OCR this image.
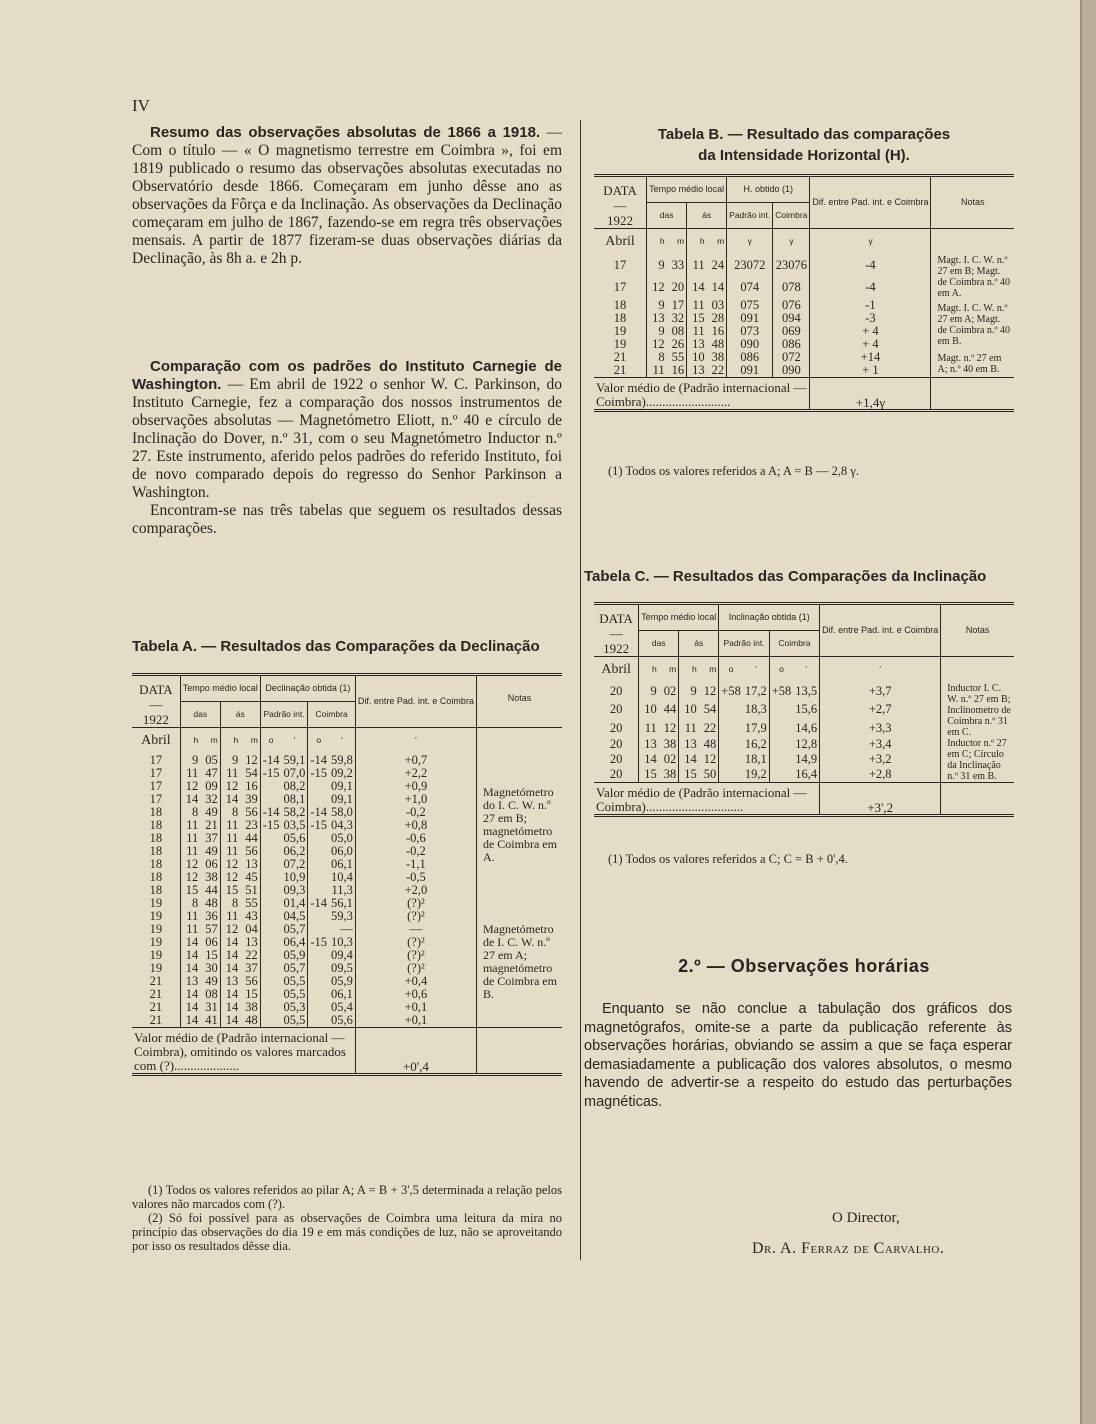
IV
Resumo das observações absolutas de 1866 a 1918. — Com o título — « O magnetismo terrestre em Coimbra », foi em 1819 publicado o resumo das observações absolutas executadas no Observatório desde 1866. Começaram em junho dêsse ano as observações da Fôrça e da Inclinação. As observações da Declinação começaram em julho de 1867, fazendo-se em regra três observações mensais. A partir de 1877 fizeram-se duas observações diárias da Declinação, às 8h a. e 2h p.
Comparação com os padrões do Instituto Carnegie de Washington. — Em abril de 1922 o senhor W. C. Parkinson, do Instituto Carnegie, fez a comparação dos nossos instrumentos de observações absolutas — Magnetómetro Eliott, n.º 40 e círculo de Inclinação do Dover, n.º 31, com o seu Magnetómetro Inductor n.º 27. Este instrumento, aferido pelos padrões do referido Instituto, foi de novo comparado depois do regresso do Senhor Parkinson a Washington.
Encontram-se nas três tabelas que seguem os resultados dessas comparações.
Tabela A. — Resultados das Comparações da Declinação
DATA
—
1922	Tempo médio local				Declinação obtida (1)				Dif. entre Pad. int. e Coimbra	Notas
	das		ás		Padrão int.		Coimbra			
Abril	h	m	h	m	o	'	o	'	'	
17	9	05	9	12	-14	59,1	-14	59,8	+0,7	Magnetómetro do I. C. W. n.º 27 em B; magnetómetro de Coimbra em A.
17	11	47	11	54	-15	07,0	-15	09,2	+2,2	
17	12	09	12	16		08,2		09,1	+0,9	
17	14	32	14	39		08,1		09,1	+1,0	
18	8	49	8	56	-14	58,2	-14	58,0	-0,2	
18	11	21	11	23	-15	03,5	-15	04,3	+0,8	
18	11	37	11	44		05,6		05,0	-0,6	
18	11	49	11	56		06,2		06,0	-0,2	
18	12	06	12	13		07,2		06,1	-1,1	
18	12	38	12	45		10,9		10,4	-0,5	
18	15	44	15	51		09,3		11,3	+2,0	
19	8	48	8	55		01,4	-14	56,1	(?)²	Magnetómetro de I. C. W. n.º 27 em A; magnetómetro de Coimbra em B.
19	11	36	11	43		04,5		59,3	(?)²	
19	11	57	12	04		05,7		—	—	
19	14	06	14	13		06,4	-15	10,3	(?)²	
19	14	15	14	22		05,9		09,4	(?)²	
19	14	30	14	37		05,7		09,5	(?)²	
21	13	49	13	56		05,5		05,9	+0,4	
21	14	08	14	15		05,5		06,1	+0,6	
21	14	31	14	38		05,3		05,4	+0,1	
21	14	41	14	48		05,5		05,6	+0,1	
Valor médio de (Padrão internacional — Coimbra), omitindo os valores marcados com (?)....................									+0',4	

(1) Todos os valores referidos ao pilar A; A = B + 3',5 determinada a relação pelos valores não marcados com (?).
(2) Só foi possível para as observações de Coimbra uma leitura da mira no princípio das observações do dia 19 e em más condições de luz, não se aproveitando por isso os resultados dêsse dia.
Tabela B. — Resultado das comparações
da Intensidade Horizontal (H).
DATA
—
1922	Tempo médio local				H. obtido (1)		Dif. entre Pad. int. e Coimbra	Notas
	das		ás		Padrão int.	Coimbra		
Abril	h	m	h	m	γ	γ	γ	
17	9	33	11	24	23072	23076	-4	Magt. I. C. W. n.º 27 em B; Magt. de Coimbra n.º 40 em A.
17	12	20	14	14	074	078	-4	
18	9	17	11	03	075	076	-1	Magt. I. C. W. n.º 27 em A; Magt. de Coimbra n.º 40 em B.
18	13	32	15	28	091	094	-3	
19	9	08	11	16	073	069	+ 4	
19	12	26	13	48	090	086	+ 4	
21	8	55	10	38	086	072	+14	Magt. n.º 27 em A; n.º 40 em B.
21	11	16	13	22	091	090	+ 1	
Valor médio de (Padrão internacional — Coimbra)..........................							+1,4γ	

(1) Todos os valores referidos a A; A = B — 2,8 γ.
Tabela C. — Resultados das Comparações da Inclinação
DATA
—
1922	Tempo médio local				Inclinação obtida (1)				Dif. entre Pad. int. e Coimbra	Notas
	das		ás		Padrão int.		Coimbra			
Abril	h	m	h	m	o	'	o	'	'	
20	9	02	9	12	+58	17,2	+58	13,5	+3,7	Inductor I. C. W. n.º 27 em B; Inclinometro de Coimbra n.º 31 em C.
20	10	44	10	54		18,3		15,6	+2,7	
20	11	12	11	22		17,9		14,6	+3,3	
20	13	38	13	48		16,2		12,8	+3,4	Inductor n.º 27 em C; Círculo da Inclinação n.º 31 em B.
20	14	02	14	12		18,1		14,9	+3,2	
20	15	38	15	50		19,2		16,4	+2,8	
Valor médio de (Padrão internacional — Coimbra)..............................									+3',2	

(1) Todos os valores referidos a C; C = B + 0',4.
2.º — Observações horárias
Enquanto se não conclue a tabulação dos gráficos dos magnetógrafos, omite-se a parte da publicação referente às observações horárias, obviando se assim a que se faça esperar demasiadamente a publicação dos valores absolutos, o mesmo havendo de advertir-se a respeito do estudo das perturbações magnéticas.
O Director,
Dr. A. Ferraz de Carvalho.
